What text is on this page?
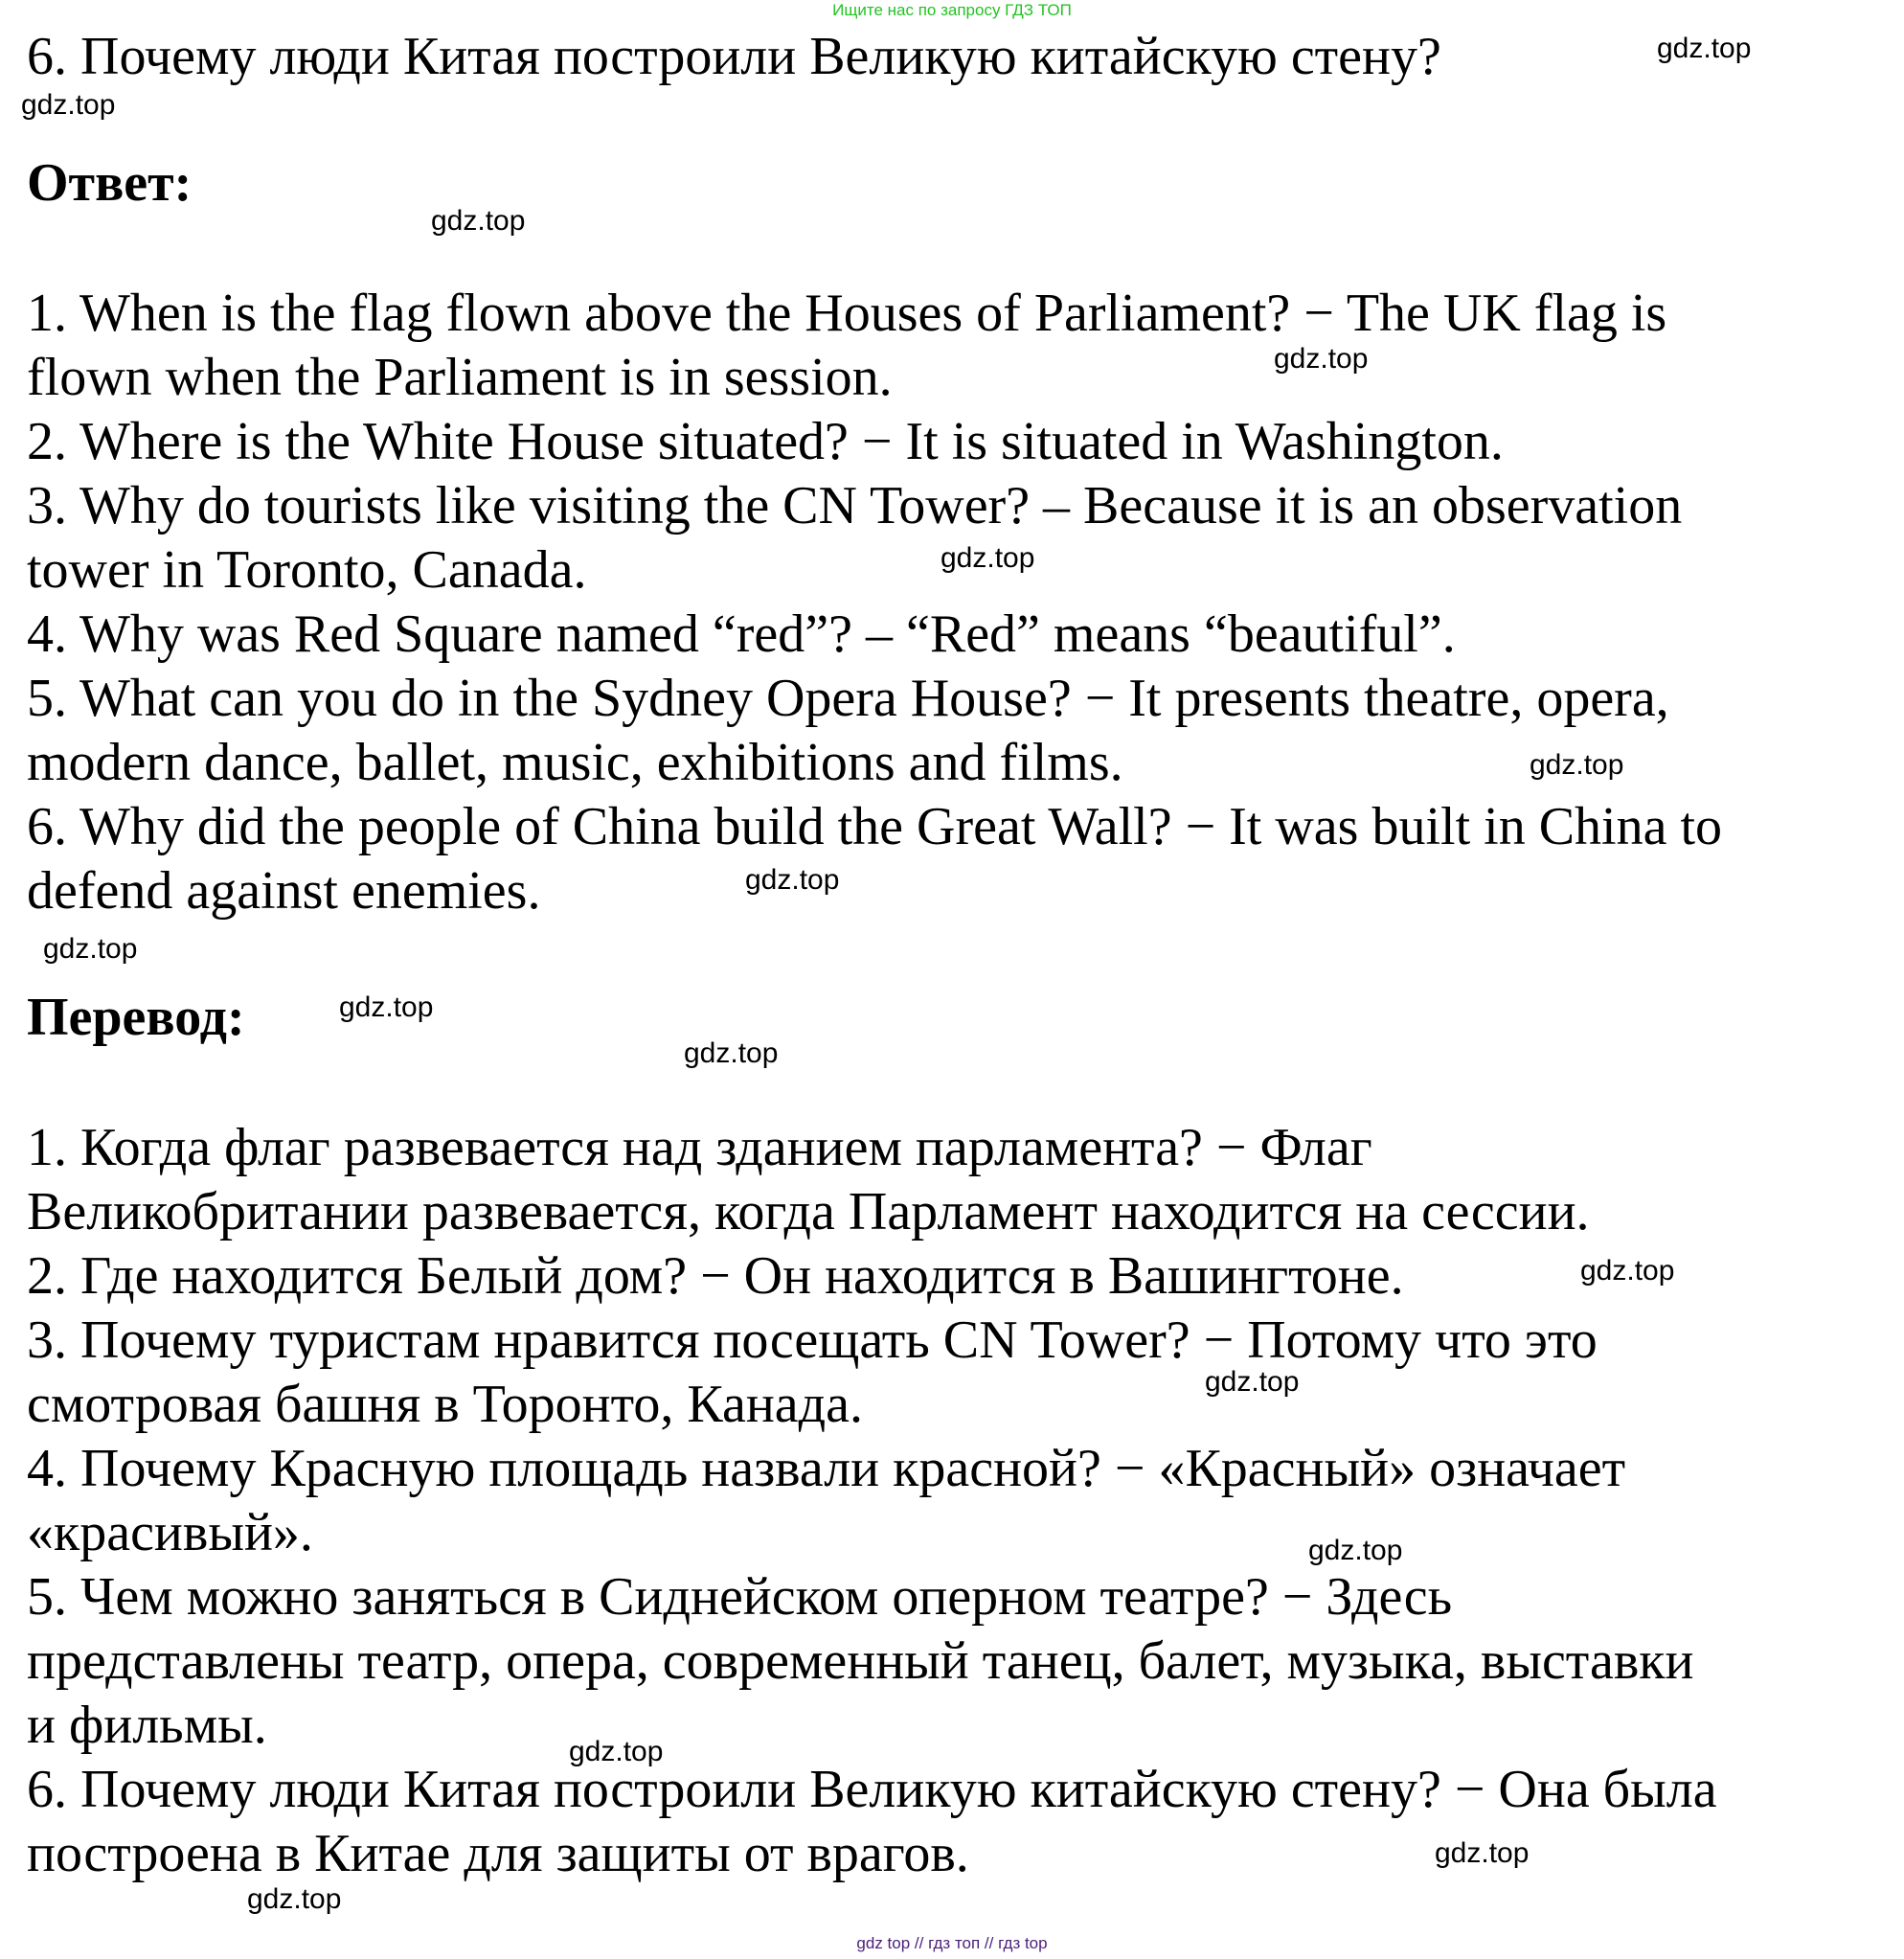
Ищите нас по запросу ГДЗ ТОП
6. Почему люди Китая построили Великую китайскую стену?
Ответ:
1. When is the flag flown above the Houses of Parliament? − The UK flag is
flown when the Parliament is in session.
2. Where is the White House situated? − It is situated in Washington.
3. Why do tourists like visiting the CN Tower? – Because it is an observation
tower in Toronto, Canada.
4. Why was Red Square named “red”? – “Red” means “beautiful”.
5. What can you do in the Sydney Opera House? − It presents theatre, opera,
modern dance, ballet, music, exhibitions and films.
6. Why did the people of China build the Great Wall? − It was built in China to
defend against enemies.
Перевод:
1. Когда флаг развевается над зданием парламента? − Флаг
Великобритании развевается, когда Парламент находится на сессии.
2. Где находится Белый дом? − Он находится в Вашингтоне.
3. Почему туристам нравится посещать CN Tower? − Потому что это
смотровая башня в Торонто, Канада.
4. Почему Красную площадь назвали красной? − «Красный» означает
«красивый».
5. Чем можно заняться в Сиднейском оперном театре? − Здесь
представлены театр, опера, современный танец, балет, музыка, выставки
и фильмы.
6. Почему люди Китая построили Великую китайскую стену? − Она была
построена в Китае для защиты от врагов.
gdz.top
gdz.top
gdz.top
gdz.top
gdz.top
gdz.top
gdz.top
gdz.top
gdz.top
gdz.top
gdz.top
gdz.top
gdz.top
gdz.top
gdz.top
gdz.top
gdz top // гдз топ // гдз top
